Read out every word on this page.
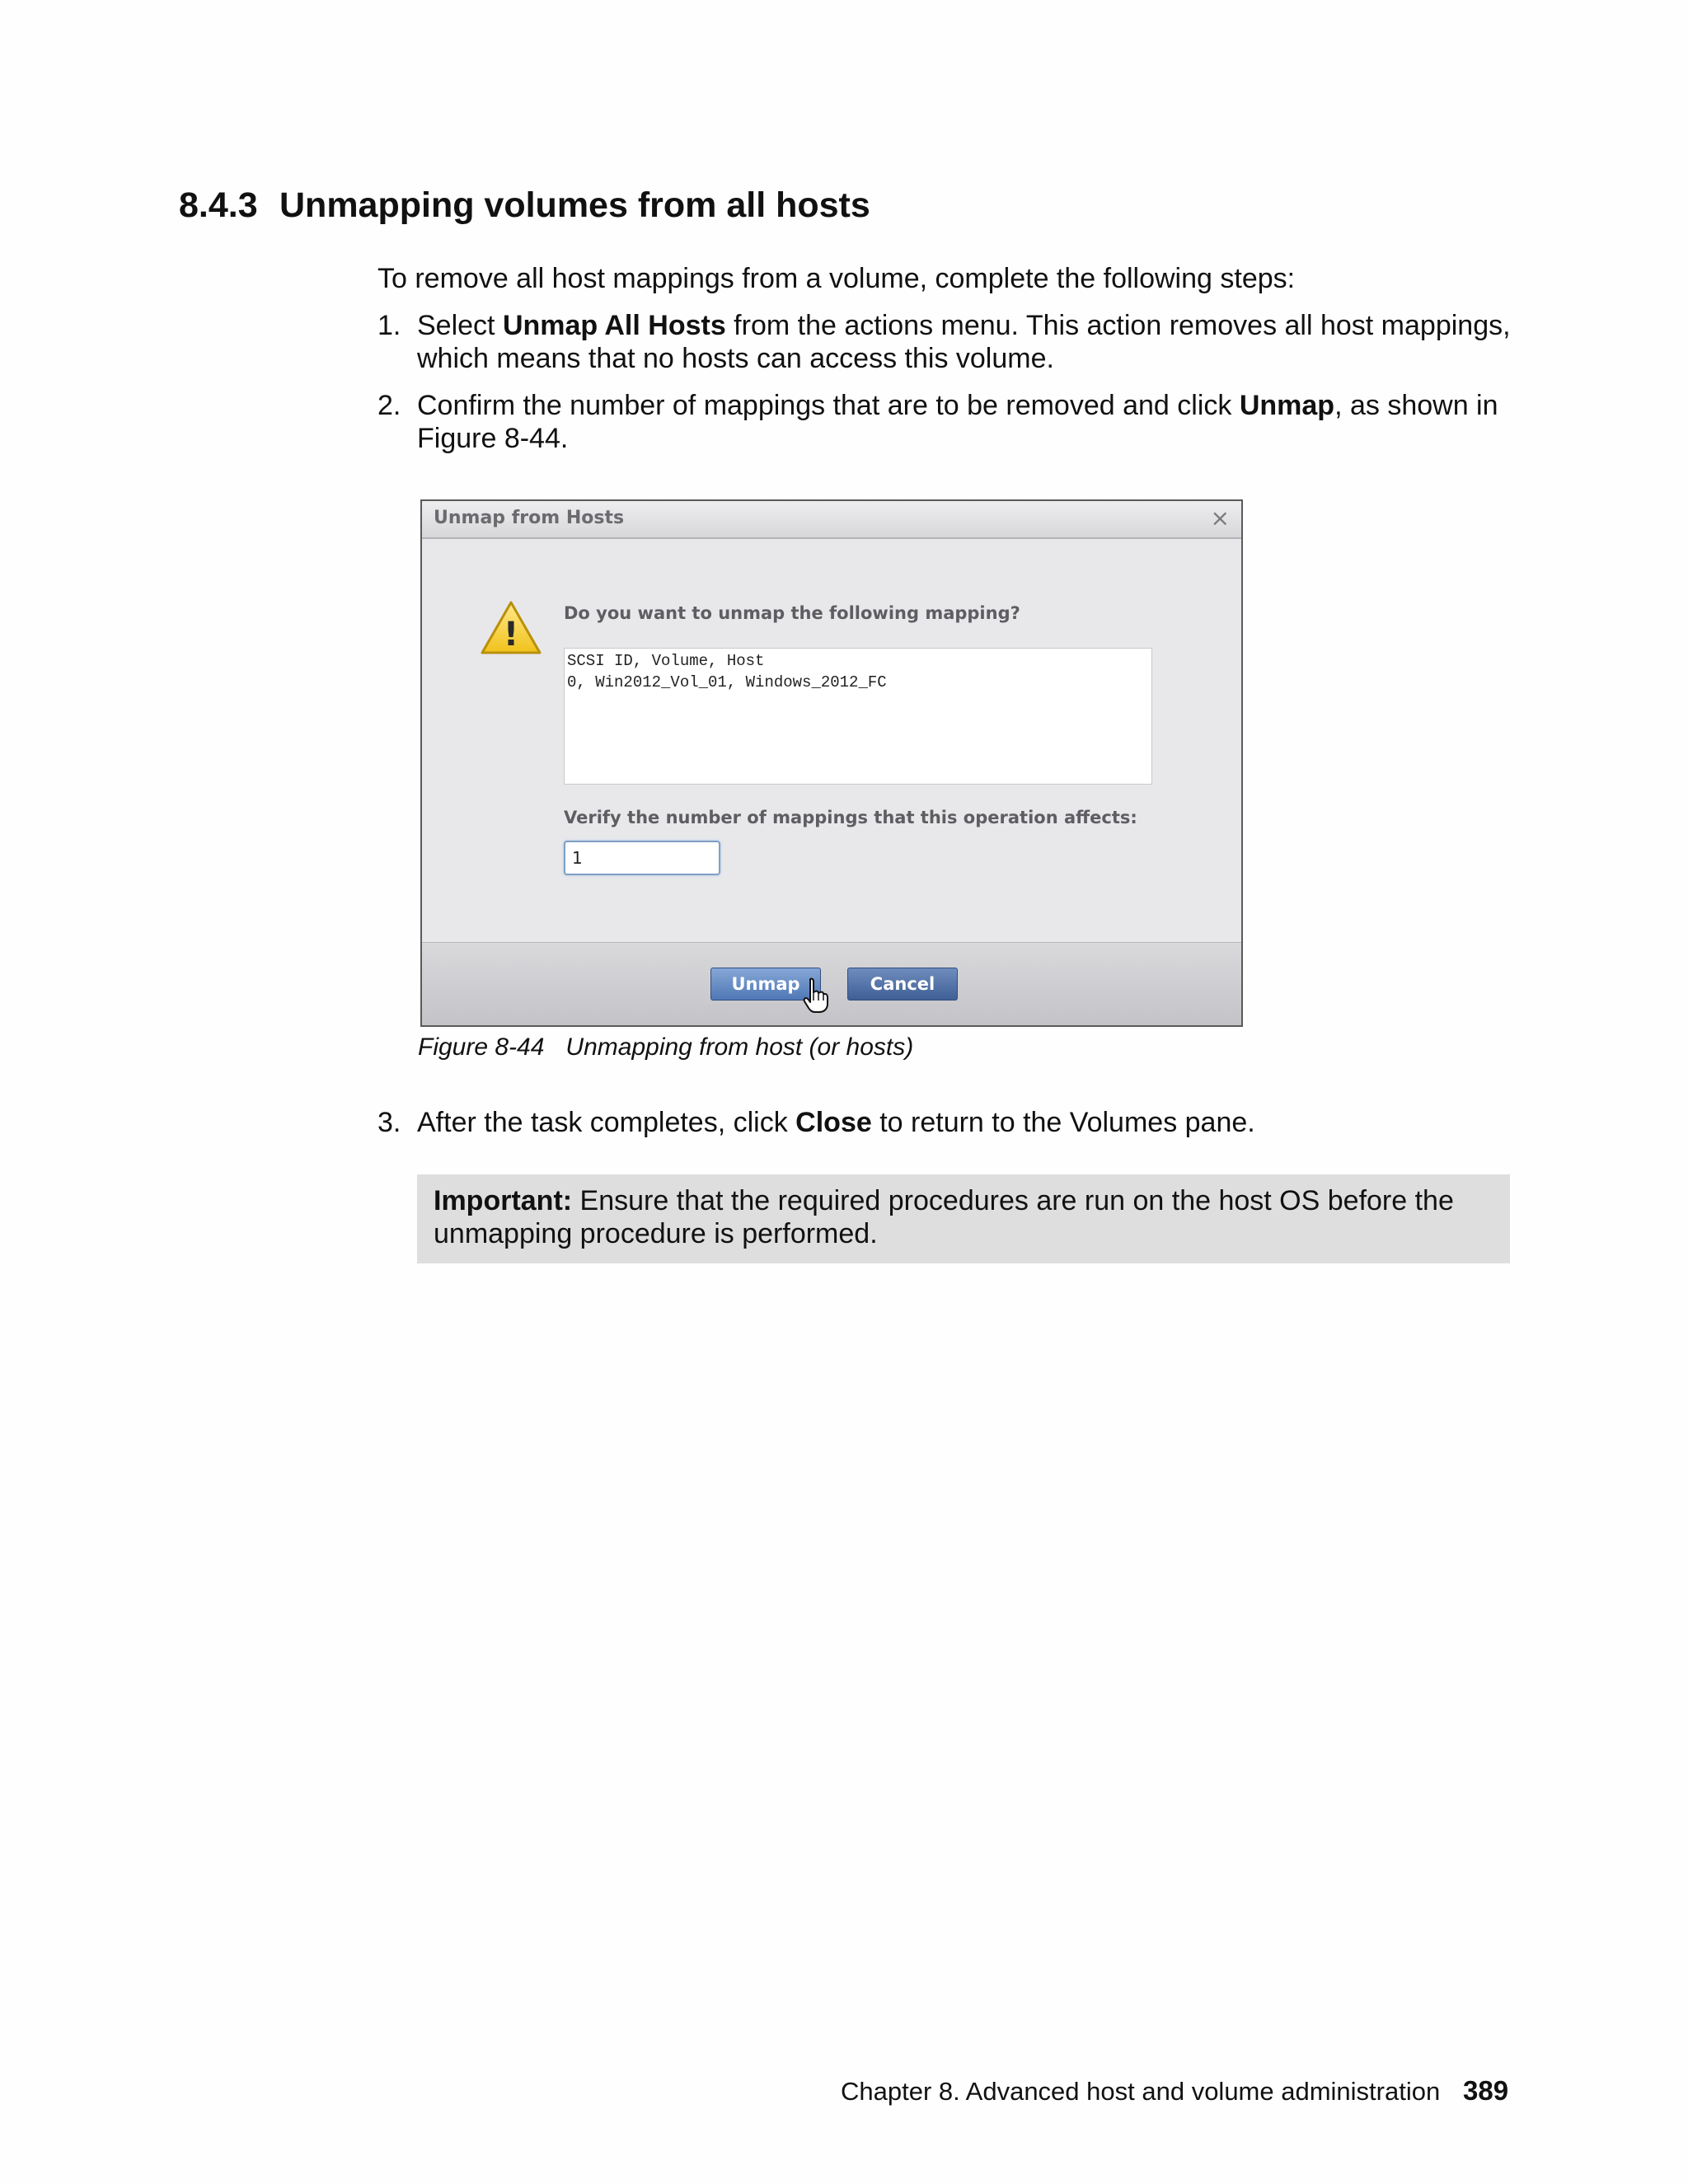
8.4.3 Unmapping volumes from all hosts
To remove all host mappings from a volume, complete the following steps:
1. Select Unmap All Hosts from the actions menu. This action removes all host mappings, which means that no hosts can access this volume.
2. Confirm the number of mappings that are to be removed and click Unmap, as shown in Figure 8-44.
Unmap from Hosts	×
!
Do you want to unmap the following mapping?
SCSI ID, Volume, Host
0, Win2012_Vol_01, Windows_2012_FC
Verify the number of mappings that this operation affects:
1
Unmap	Cancel
Figure 8-44 Unmapping from host (or hosts)
3. After the task completes, click Close to return to the Volumes pane.
Important: Ensure that the required procedures are run on the host OS before the unmapping procedure is performed.
Chapter 8. Advanced host and volume administration 389
